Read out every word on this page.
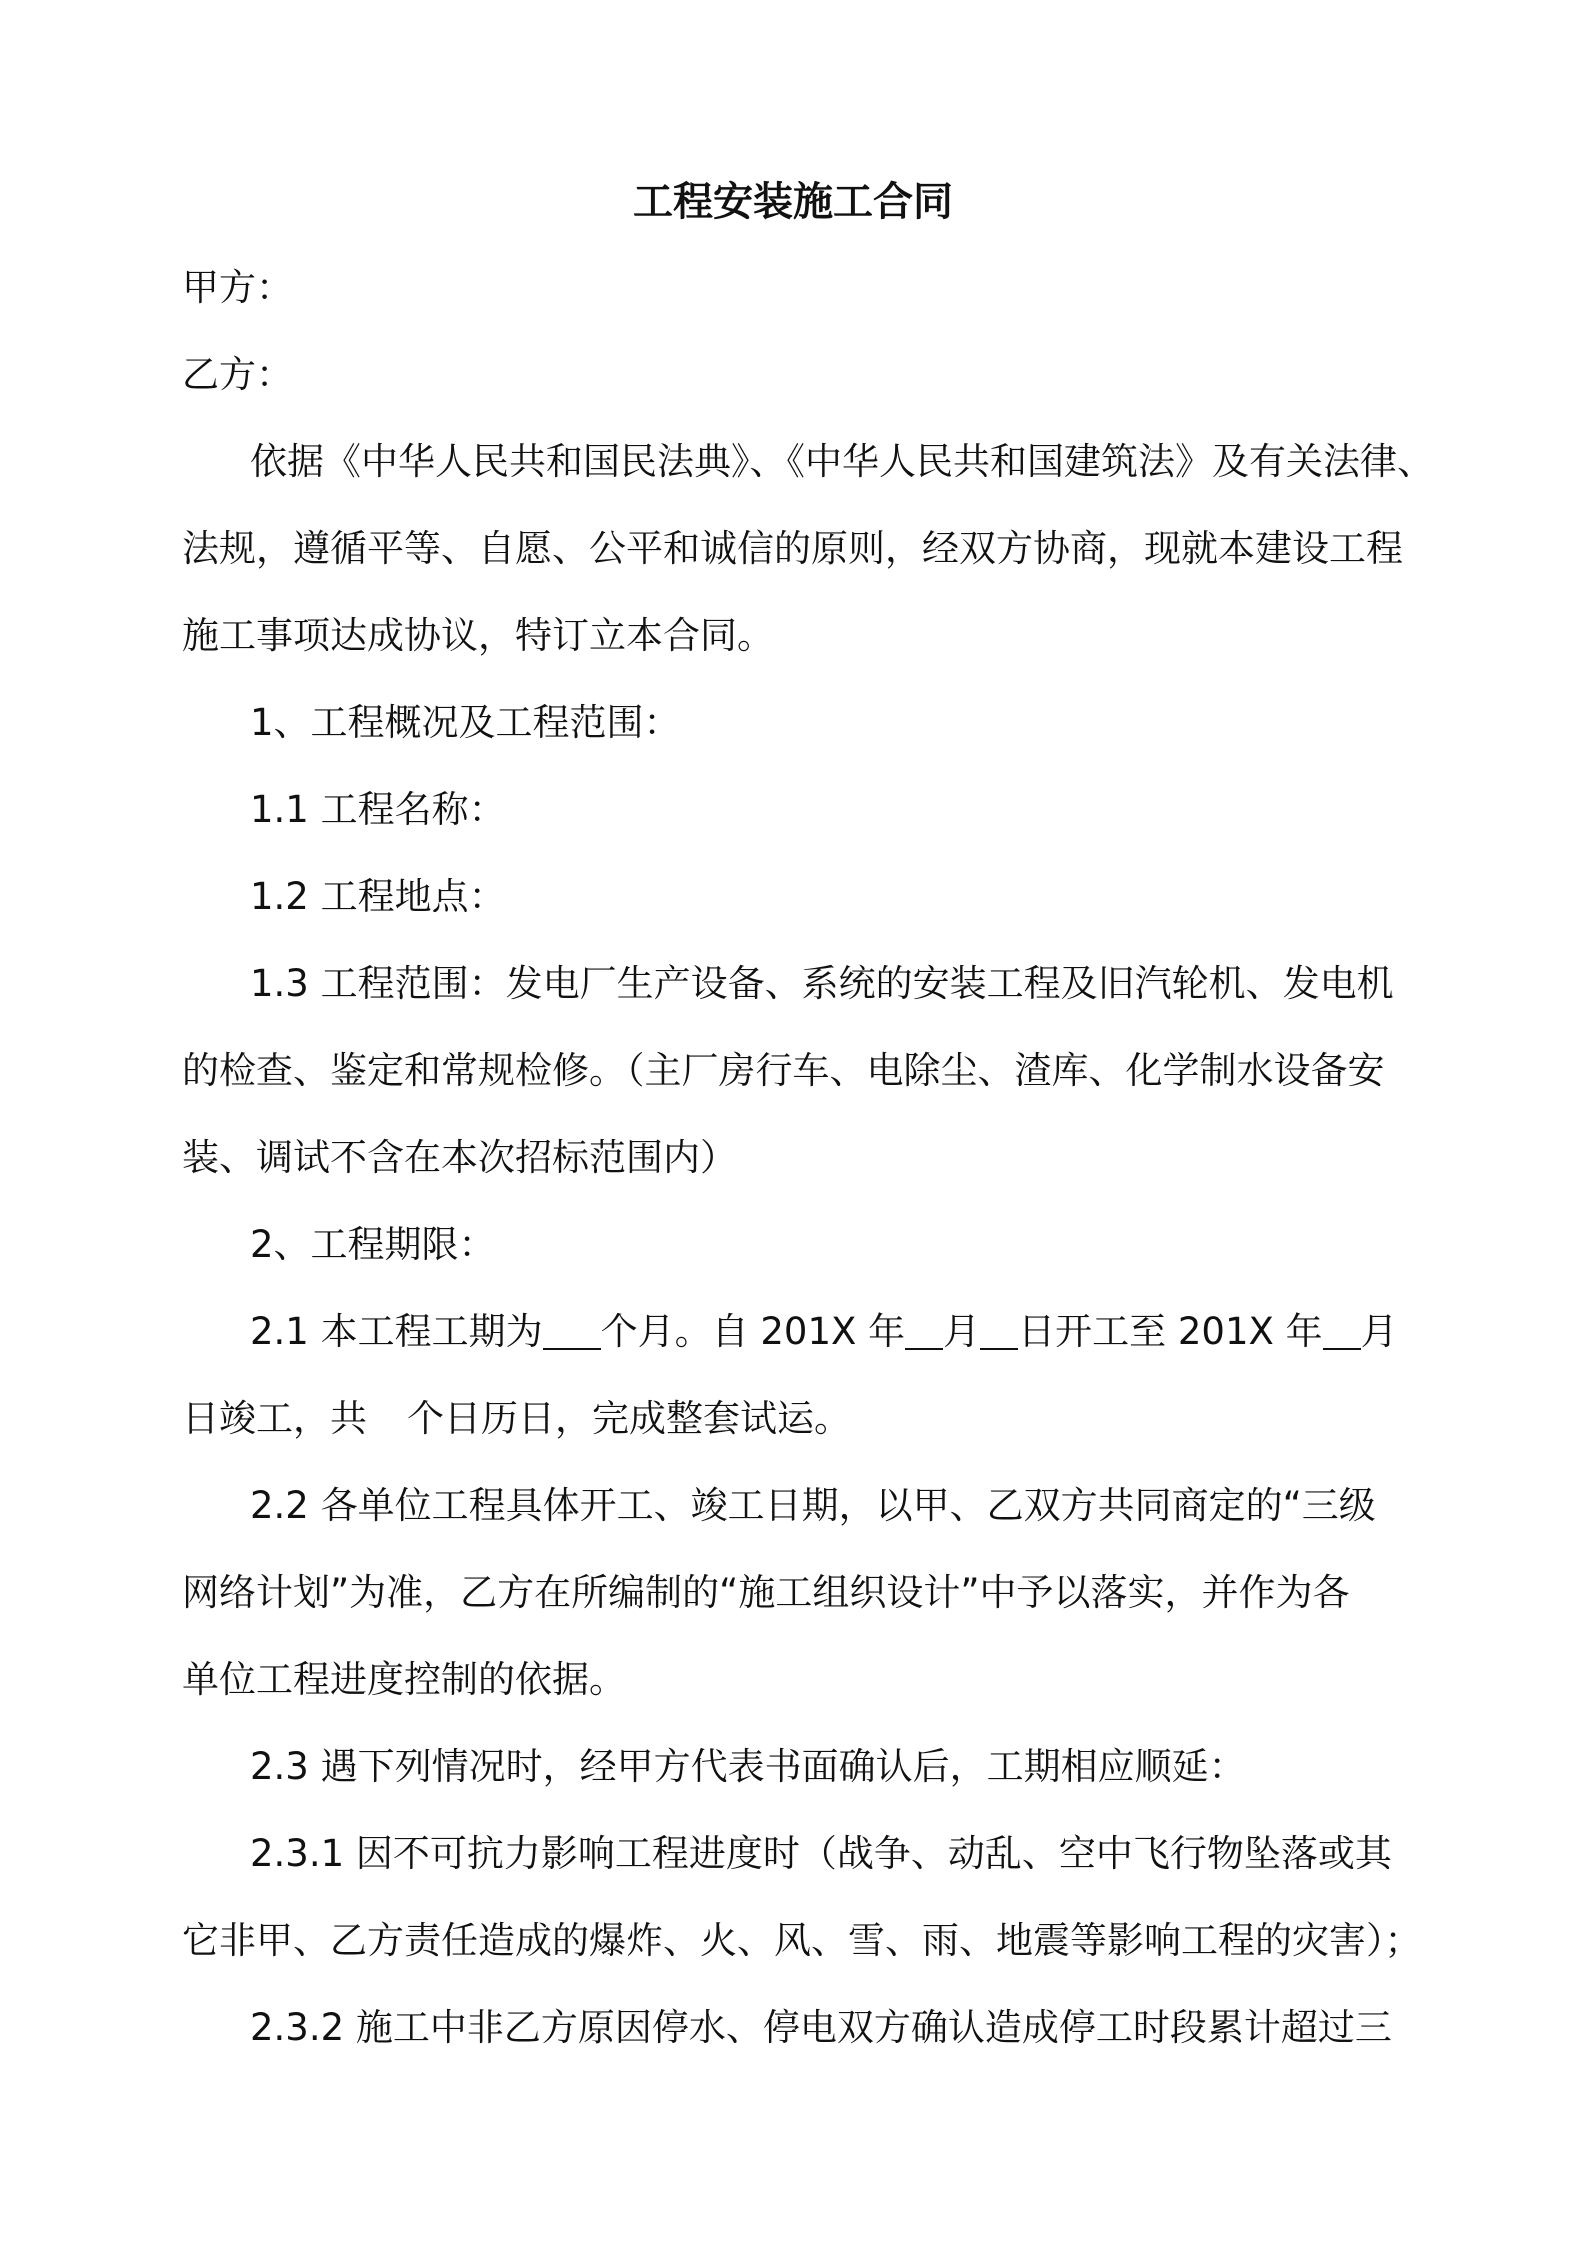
工程安装施工合同
甲方：
乙方：
依据《中华人民共和国民法典》、《中华人民共和国建筑法》及有关法律、
法规，遵循平等、自愿、公平和诚信的原则，经双方协商，现就本建设工程
施工事项达成协议，特订立本合同。
1、工程概况及工程范围：
1.1 工程名称：
1.2 工程地点：
1.3 工程范围：发电厂生产设备、系统的安装工程及旧汽轮机、发电机
的检查、鉴定和常规检修。（主厂房行车、电除尘、渣库、化学制水设备安
装、调试不含在本次招标范围内）
2、工程期限：
2.1 本工程工期为 个月。自 201X 年 月 日开工至 201X 年 月
日竣工，共 个日历日，完成整套试运。
2.2 各单位工程具体开工、竣工日期，以甲、乙双方共同商定的“三级
网络计划”为准，乙方在所编制的“施工组织设计”中予以落实，并作为各
单位工程进度控制的依据。
2.3 遇下列情况时，经甲方代表书面确认后，工期相应顺延：
2.3.1 因不可抗力影响工程进度时（战争、动乱、空中飞行物坠落或其
它非甲、乙方责任造成的爆炸、火、风、雪、雨、地震等影响工程的灾害）；
2.3.2 施工中非乙方原因停水、停电双方确认造成停工时段累计超过三
